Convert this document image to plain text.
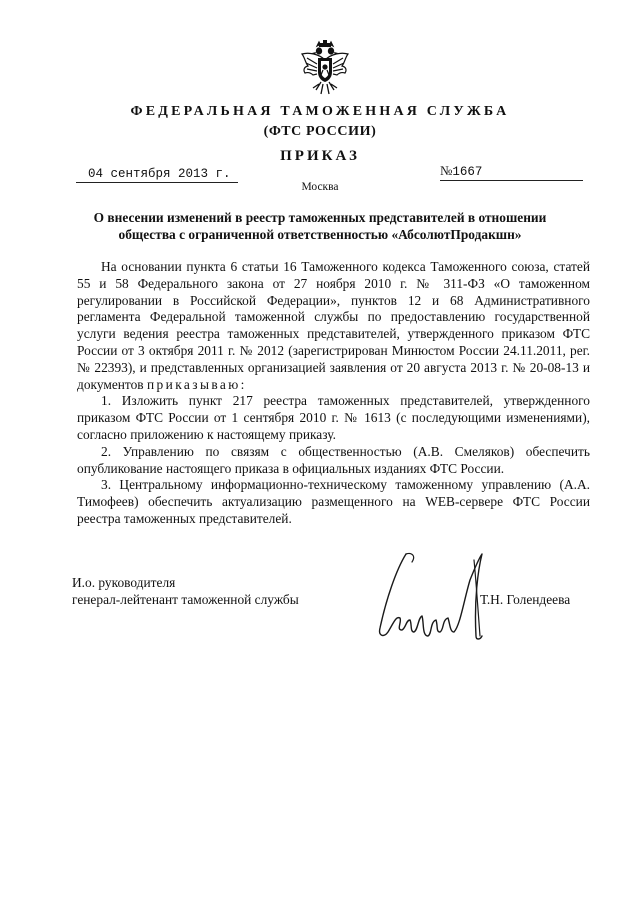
ФЕДЕРАЛЬНАЯ ТАМОЖЕННАЯ СЛУЖБА
(ФТС РОССИИ)
ПРИКАЗ
04 сентября 2013 г.	№1667
Москва
О внесении изменений в реестр таможенных представителей в отношении общества с ограниченной ответственностью «АбсолютПродакшн»

На основании пункта 6 статьи 16 Таможенного кодекса Таможенного союза, статей 55 и 58 Федерального закона от 27 ноября 2010 г. № 311-ФЗ «О таможенном регулировании в Российской Федерации», пунктов 12 и 68 Административного регламента Федеральной таможенной службы по предоставлению государственной услуги ведения реестра таможенных представителей, утвержденного приказом ФТС России от 3 октября 2011 г. № 2012 (зарегистрирован Минюстом России 24.11.2011, рег. № 22393), и представленных организацией заявления от 20 августа 2013 г. № 20-08-13 и документов приказываю:

1. Изложить пункт 217 реестра таможенных представителей, утвержденного приказом ФТС России от 1 сентября 2010 г. № 1613 (с последующими изменениями), согласно приложению к настоящему приказу.

2. Управлению по связям с общественностью (А.В. Смеляков) обеспечить опубликование настоящего приказа в официальных изданиях ФТС России.

3. Центральному информационно-техническому таможенному управлению (А.А. Тимофеев) обеспечить актуализацию размещенного на WEB-сервере ФТС России реестра таможенных представителей.

И.о. руководителя
генерал-лейтенант таможенной службы	Т.Н. Голендеева
